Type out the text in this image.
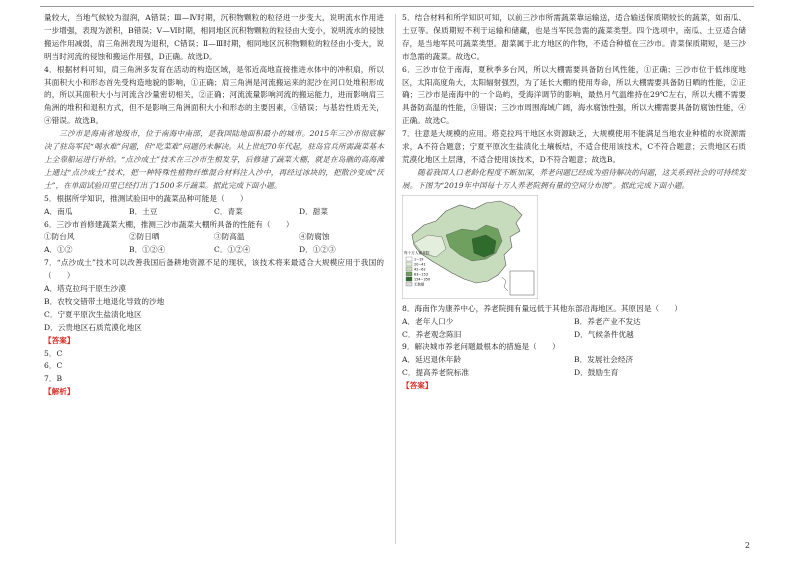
量较大，当地气候较为湿润，A错误；Ⅲ—Ⅳ时期，沉积物颗粒的粒径进一步变大，说明流水作用进一步增强，表现为淤积，B错误；Ⅴ—Ⅵ时期，相同地区沉积物颗粒的粒径由大变小，说明流水的侵蚀搬运作用减弱，肩三角洲表现为退积，C错误；Ⅱ—Ⅲ时期，相同地区沉积物颗粒的粒径由小变大，说明当时河流的侵蚀和搬运作用强，D正确。故选D。

4．根据材料可知，肩三角洲多发育在活动的构造区域，是邻近高地直接推进水体中的冲积扇，所以其面积大小和形态首先受构造地貌的影响，①正确；肩三角洲是河流搬运来的泥沙在河口处堆积形成的，所以其面积大小与河流含沙量密切相关，②正确；河流流量影响河流的搬运能力，进而影响肩三角洲的堆积和退积方式，但不是影响三角洲面积大小和形态的主要因素，③错误；与基岩性质无关，④错误。故选B。

三沙市是海南省地级市，位于南海中南部，是我国陆地面积最小的城市。2015年三沙市彻底解决了驻岛军民“喝水难”问题，但“吃菜难”问题仍未解决。从上世纪70年代起，驻岛官兵所需蔬菜基本上全靠船运进行补给。“点沙成土”技术在三沙市生根发芽，后修建了蔬菜大棚，就是在岛礁的高海滩上通过“点沙成土”技术，把一种特殊性植物纤维混合材料注入沙中，再经过冰块的，把散沙变成“沃土”，在单面试验田里已经打出了1500多斤蔬菜。据此完成下面小题。

5．根据所学知识，推测试验田中的蔬菜品种可能是（　　）

A．南瓜	B．土豆	C．青菜	D．甜菜

6．三沙市首修建蔬菜大棚，推测三沙市蔬菜大棚所具备的性能有（　　）

①防台风	②防日晒	③防高温	④防腐蚀
A．①②	B．①②④	C．①②④	D．①②③

7．“点沙成土”技术可以改善我国后备耕地资源不足的现状，该技术将来最适合大规模应用于我国的（　　）

A．塔克拉玛干原生沙漠

B．农牧交错带土地退化导致的沙地

C．宁夏平原次生盐渍化地区

D．云贵地区石质荒漠化地区

【答案】

5．C

6．C

7．B

【解析】

5．结合材料和所学知识可知，以前三沙市所需蔬菜靠运输送，适合输送保质期较长的蔬菜，如南瓜、土豆等。保质期短不利于运输和储藏，也是当军民急需的蔬菜类型。四个选项中，南瓜、土豆适合储存，是当地军民可蔬菜类型。甜菜属于北方地区的作物，不适合种植在三沙市。青菜保质期短，是三沙市急需的蔬菜。故选C。

6．三沙市位于南海，夏秋季多台风，所以大棚需要具备防台风性能，①正确；三沙市位于低纬度地区，太阳高度角大，太阳辐射强烈，为了延长大棚的使用寿命，所以大棚需要具备防日晒的性能，②正确；三沙市是南海中的一个岛屿，受海洋调节的影响，最热月气温维持在29℃左右，所以大棚不需要具备防高温的性能，③错误；三沙市周围海域广阔，海水腐蚀性强，所以大棚需要具备防腐蚀性能，④正确。故选C。

7．往意是大规模的应用。塔克拉玛干地区水资源缺乏，大规模使用不能满足当地农业种植的水资源需求，A不符合题意；宁夏平原次生盐渍化土壤板结，不适合使用该技术，C不符合题意；云贵地区石质荒漠化地区土层薄，不适合使用该技术，D不符合题意；故选B。

随着我国人口老龄化程度不断加深，养老问题已经成为亟待解决的问题，这关系到社会的可持续发展。下图为“2019年中国每十万人养老院拥有量的空间分布图”。据此完成下面小题。

每十万人养老院
1~19
20~41
42~62
63~153
154~350
无数据

8．海南作为康养中心，养老院拥有量远低于其他东部沿海地区。其原因是（　　）

A．老年人口少	B．养老产业不发达
C．养老观念陈旧	D．气候条件优越

9．解决城市养老问题最根本的措施是（　　）

A．延迟退休年龄	B．发展社会经济
C．提高养老院标准	D．鼓励生育

【答案】

2
